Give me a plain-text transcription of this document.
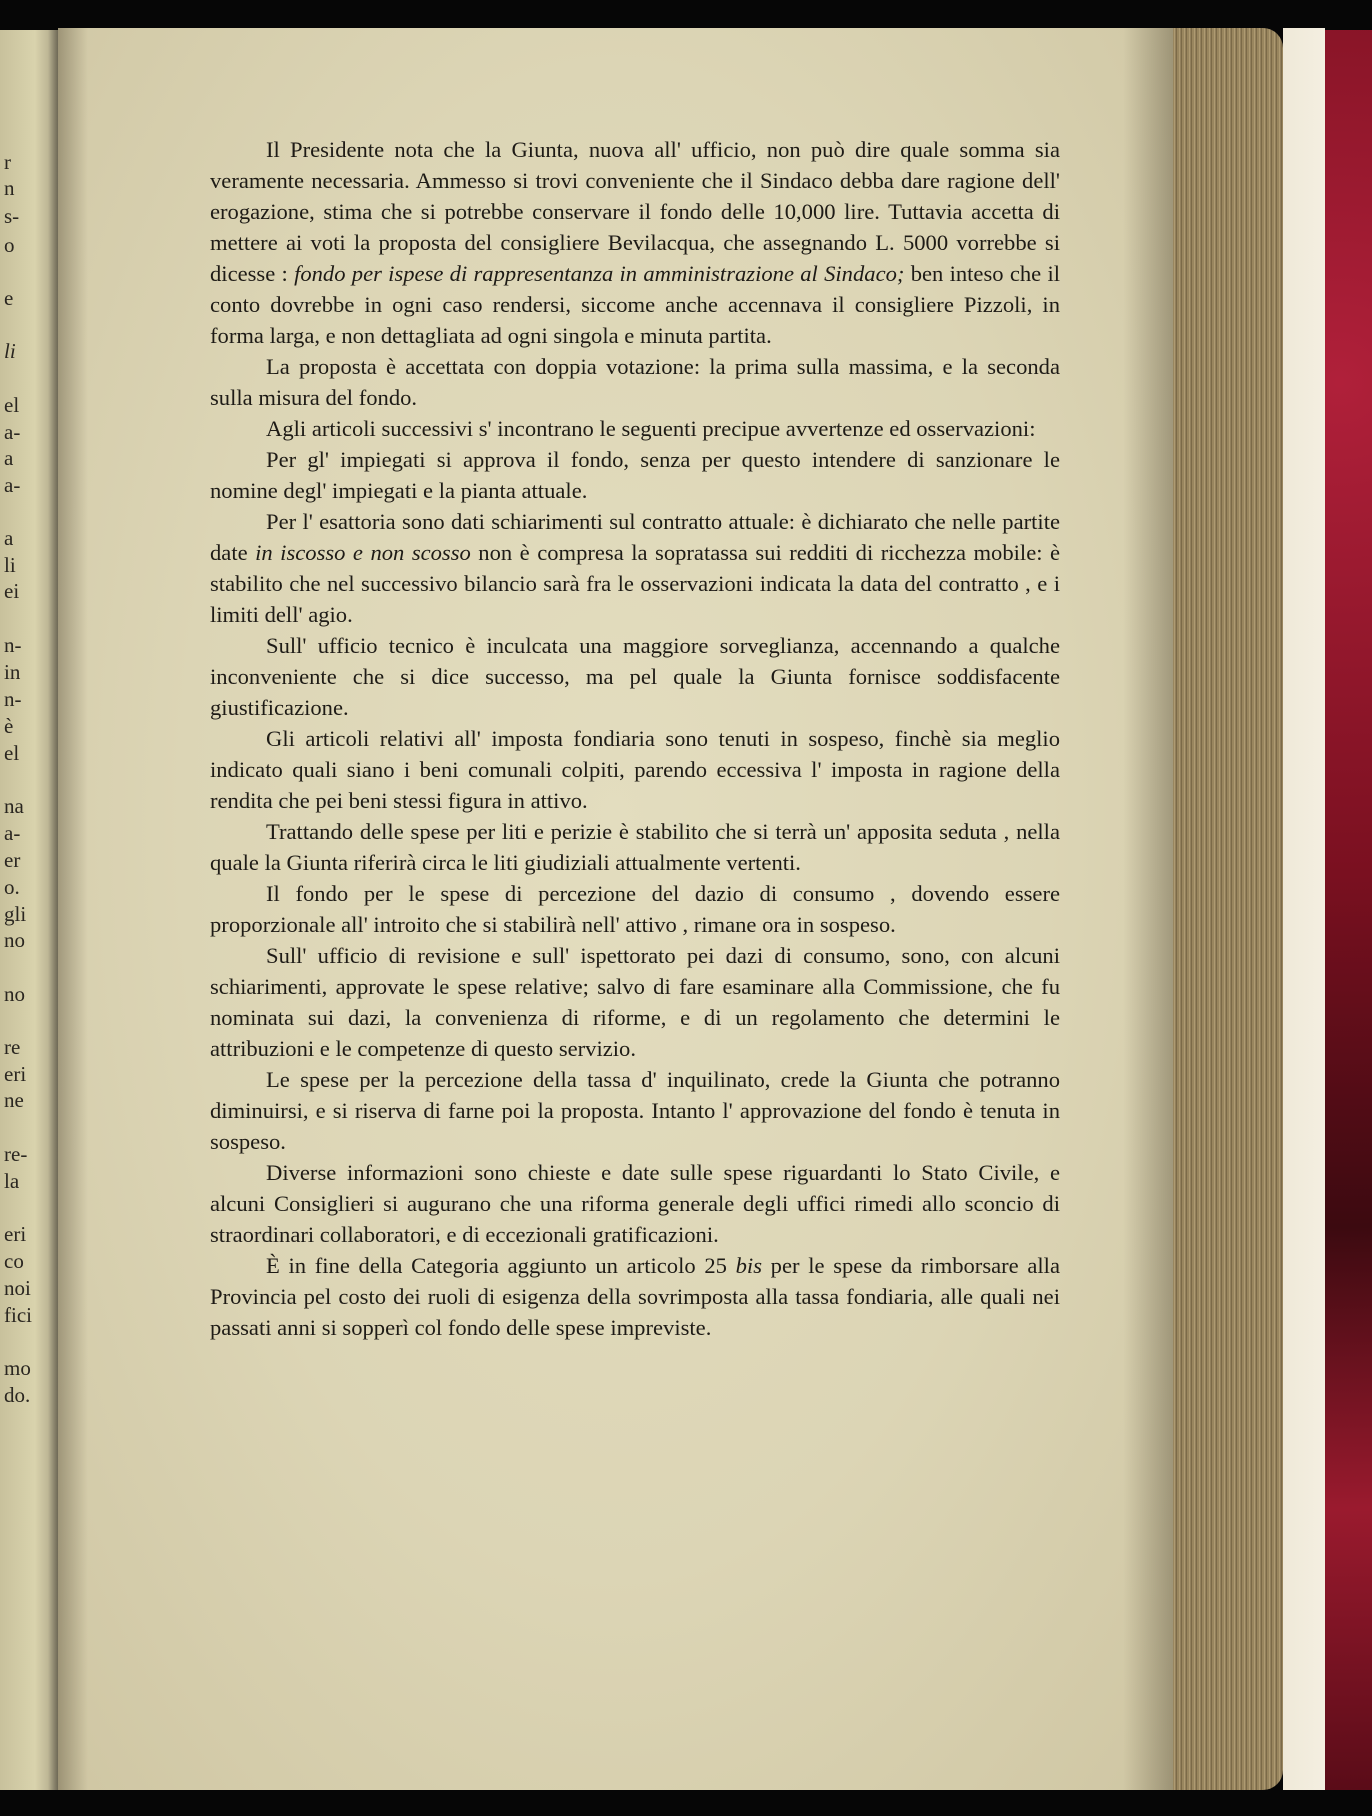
r
n
s-
o
e
li
el
a-
a
a-
a
li
ei
n-
in
n-
è
el
na
a-
er
o.
gli
no
no
re
eri
ne
re-
la
eri
co
noi
fici
mo
do.

Il Presidente nota che la Giunta, nuova all' ufficio, non può dire quale somma sia veramente necessaria. Ammesso si trovi conveniente che il Sindaco debba dare ragione dell' erogazione, stima che si potrebbe conservare il fondo delle 10,000 lire. Tuttavia accetta di mettere ai voti la proposta del consigliere Bevilacqua, che assegnando L. 5000 vorrebbe si dicesse : fondo per ispese di rappresentanza in amministrazione al Sindaco; ben inteso che il conto dovrebbe in ogni caso rendersi, siccome anche accennava il consigliere Pizzoli, in forma larga, e non dettagliata ad ogni singola e minuta partita.

La proposta è accettata con doppia votazione: la prima sulla massima, e la seconda sulla misura del fondo.

Agli articoli successivi s' incontrano le seguenti precipue avvertenze ed osservazioni:

Per gl' impiegati si approva il fondo, senza per questo intendere di sanzionare le nomine degl' impiegati e la pianta attuale.

Per l' esattoria sono dati schiarimenti sul contratto attuale: è dichiarato che nelle partite date in iscosso e non scosso non è compresa la sopratassa sui redditi di ricchezza mobile: è stabilito che nel successivo bilancio sarà fra le osservazioni indicata la data del contratto , e i limiti dell' agio.

Sull' ufficio tecnico è inculcata una maggiore sorveglianza, accennando a qualche inconveniente che si dice successo, ma pel quale la Giunta fornisce soddisfacente giustificazione.

Gli articoli relativi all' imposta fondiaria sono tenuti in sospeso, finchè sia meglio indicato quali siano i beni comunali colpiti, parendo eccessiva l' imposta in ragione della rendita che pei beni stessi figura in attivo.

Trattando delle spese per liti e perizie è stabilito che si terrà un' apposita seduta , nella quale la Giunta riferirà circa le liti giudiziali attualmente vertenti.

Il fondo per le spese di percezione del dazio di consumo , dovendo essere proporzionale all' introito che si stabilirà nell' attivo , rimane ora in sospeso.

Sull' ufficio di revisione e sull' ispettorato pei dazi di consumo, sono, con alcuni schiarimenti, approvate le spese relative; salvo di fare esaminare alla Commissione, che fu nominata sui dazi, la convenienza di riforme, e di un regolamento che determini le attribuzioni e le competenze di questo servizio.

Le spese per la percezione della tassa d' inquilinato, crede la Giunta che potranno diminuirsi, e si riserva di farne poi la proposta. Intanto l' approvazione del fondo è tenuta in sospeso.

Diverse informazioni sono chieste e date sulle spese riguardanti lo Stato Civile, e alcuni Consiglieri si augurano che una riforma generale degli uffici rimedi allo sconcio di straordinari collaboratori, e di eccezionali gratificazioni.

È in fine della Categoria aggiunto un articolo 25 bis per le spese da rimborsare alla Provincia pel costo dei ruoli di esigenza della sovrimposta alla tassa fondiaria, alle quali nei passati anni si sopperì col fondo delle spese impreviste.
